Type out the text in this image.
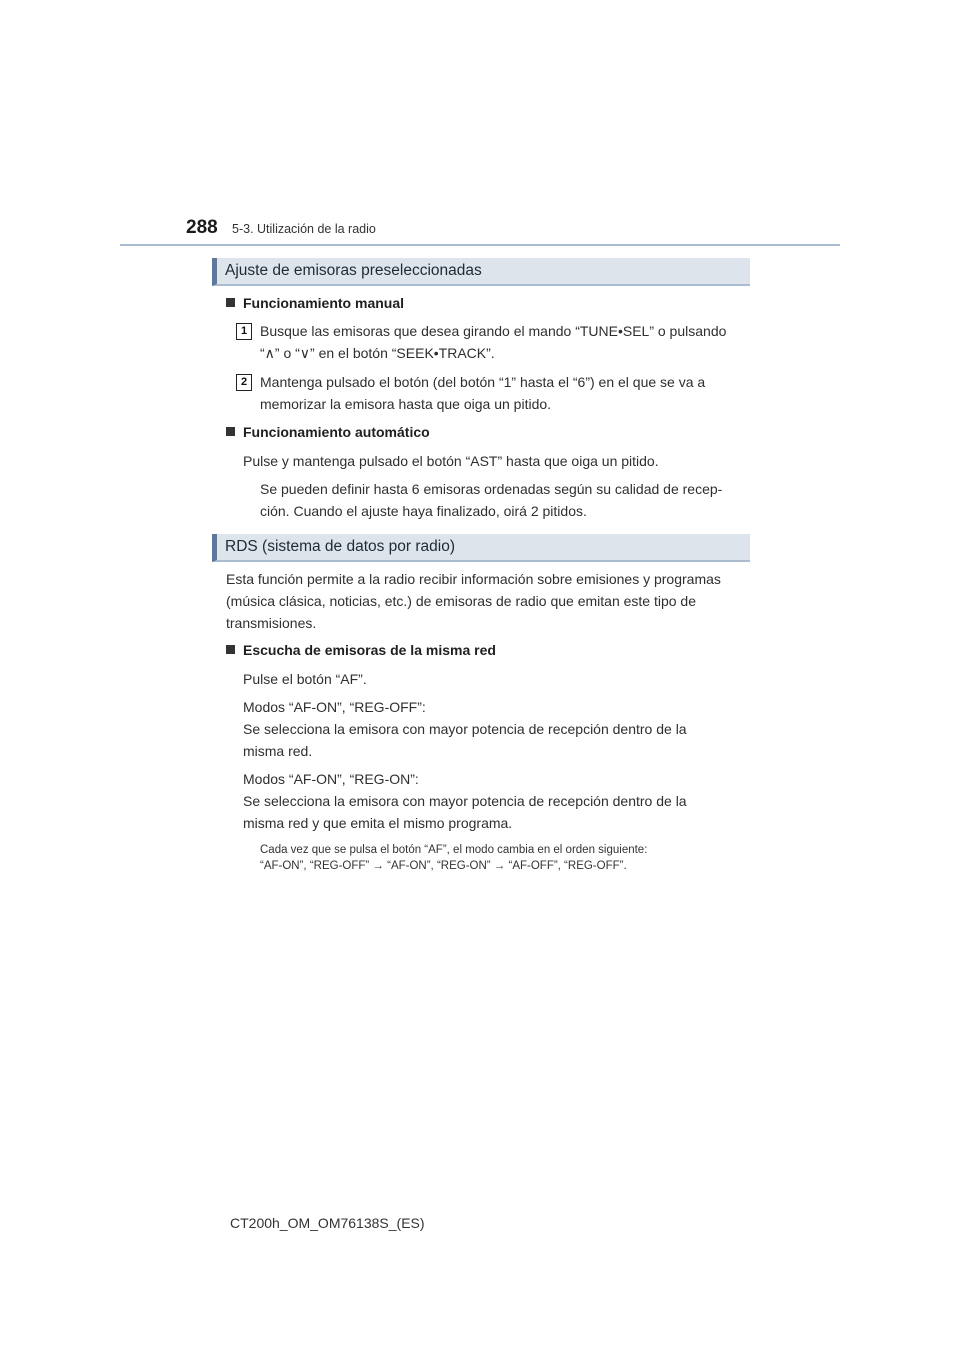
288 5-3. Utilización de la radio
Ajuste de emisoras preseleccionadas
Funcionamiento manual
1 Busque las emisoras que desea girando el mando “TUNE•SEL” o pulsando
“∧” o “∨” en el botón “SEEK•TRACK”.
2 Mantenga pulsado el botón (del botón “1” hasta el “6”) en el que se va a
memorizar la emisora hasta que oiga un pitido.
Funcionamiento automático
Pulse y mantenga pulsado el botón “AST” hasta que oiga un pitido.
Se pueden definir hasta 6 emisoras ordenadas según su calidad de recep-
ción. Cuando el ajuste haya finalizado, oirá 2 pitidos.
RDS (sistema de datos por radio)
Esta función permite a la radio recibir información sobre emisiones y programas
(música clásica, noticias, etc.) de emisoras de radio que emitan este tipo de
transmisiones.
Escucha de emisoras de la misma red
Pulse el botón “AF”.
Modos “AF-ON”, “REG-OFF”:
Se selecciona la emisora con mayor potencia de recepción dentro de la
misma red.
Modos “AF-ON”, “REG-ON”:
Se selecciona la emisora con mayor potencia de recepción dentro de la
misma red y que emita el mismo programa.
Cada vez que se pulsa el botón “AF”, el modo cambia en el orden siguiente:
“AF-ON”, “REG-OFF” → “AF-ON”, “REG-ON” → “AF-OFF”, “REG-OFF”.
CT200h_OM_OM76138S_(ES)
